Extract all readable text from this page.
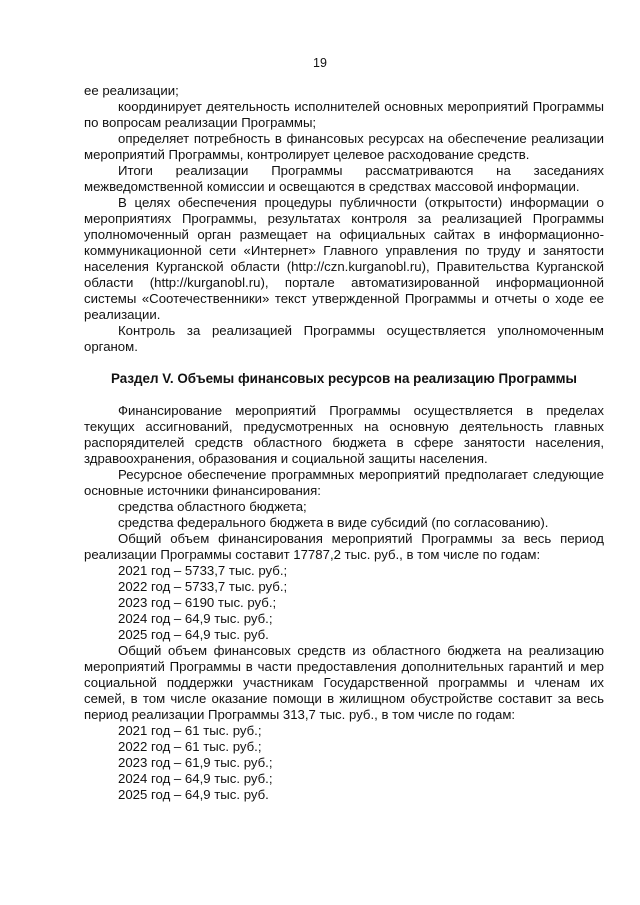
19

ее реализации;

координирует деятельность исполнителей основных мероприятий Программы по вопросам реализации Программы;

определяет потребность в финансовых ресурсах на обеспечение реализации мероприятий Программы, контролирует целевое расходование средств.

Итоги реализации Программы рассматриваются на заседаниях межведомственной комиссии и освещаются в средствах массовой информации.

В целях обеспечения процедуры публичности (открытости) информации о мероприятиях Программы, результатах контроля за реализацией Программы уполномоченный орган размещает на официальных сайтах в информационно-коммуникационной сети «Интернет» Главного управления по труду и занятости населения Курганской области (http://czn.kurganobl.ru), Правительства Курганской области (http://kurganobl.ru), портале автоматизированной информационной системы «Соотечественники» текст утвержденной Программы и отчеты о ходе ее реализации.

Контроль за реализацией Программы осуществляется уполномоченным органом.

Раздел V. Объемы финансовых ресурсов на реализацию Программы

Финансирование мероприятий Программы осуществляется в пределах текущих ассигнований, предусмотренных на основную деятельность главных распорядителей средств областного бюджета в сфере занятости населения, здравоохранения, образования и социальной защиты населения.

Ресурсное обеспечение программных мероприятий предполагает следующие основные источники финансирования:

средства областного бюджета;

средства федерального бюджета в виде субсидий (по согласованию).

Общий объем финансирования мероприятий Программы за весь период реализации Программы составит 17787,2 тыс. руб., в том числе по годам:

2021 год – 5733,7 тыс. руб.;

2022 год – 5733,7 тыс. руб.;

2023 год – 6190 тыс. руб.;

2024 год – 64,9 тыс. руб.;

2025 год – 64,9 тыс. руб.

Общий объем финансовых средств из областного бюджета на реализацию мероприятий Программы в части предоставления дополнительных гарантий и мер социальной поддержки участникам Государственной программы и членам их семей, в том числе оказание помощи в жилищном обустройстве составит за весь период реализации Программы 313,7 тыс. руб., в том числе по годам:

2021 год – 61 тыс. руб.;

2022 год – 61 тыс. руб.;

2023 год – 61,9 тыс. руб.;

2024 год – 64,9 тыс. руб.;

2025 год – 64,9 тыс. руб.
